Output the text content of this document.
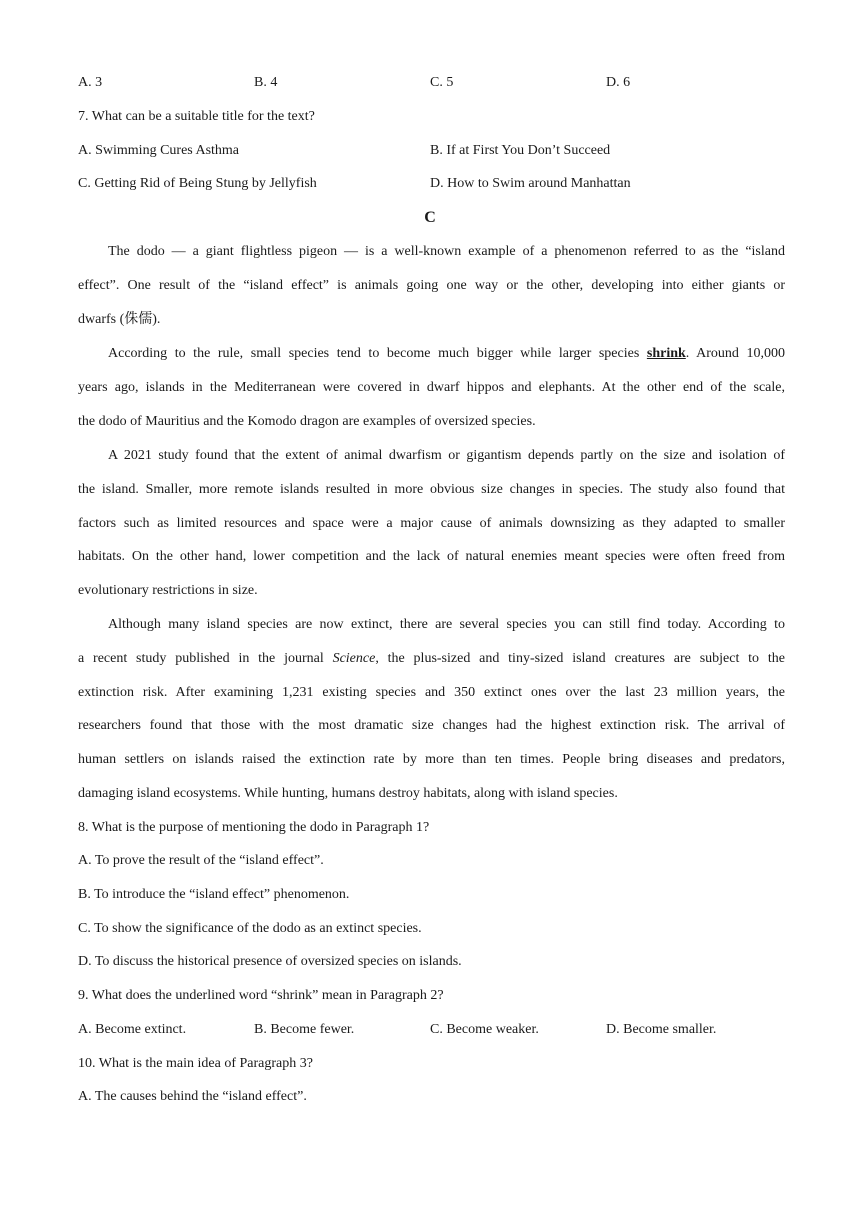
A. 3	B. 4	C. 5	D. 6
7. What can be a suitable title for the text?
A. Swimming Cures Asthma	B. If at First You Don’t Succeed
C. Getting Rid of Being Stung by Jellyfish	D. How to Swim around Manhattan
C
The dodo — a giant flightless pigeon — is a well-known example of a phenomenon referred to as the “island
effect”. One result of the “island effect” is animals going one way or the other, developing into either giants or
dwarfs (侏儒).
According to the rule, small species tend to become much bigger while larger species shrink. Around 10,000
years ago, islands in the Mediterranean were covered in dwarf hippos and elephants. At the other end of the scale,
the dodo of Mauritius and the Komodo dragon are examples of oversized species.
A 2021 study found that the extent of animal dwarfism or gigantism depends partly on the size and isolation of
the island. Smaller, more remote islands resulted in more obvious size changes in species. The study also found that
factors such as limited resources and space were a major cause of animals downsizing as they adapted to smaller
habitats. On the other hand, lower competition and the lack of natural enemies meant species were often freed from
evolutionary restrictions in size.
Although many island species are now extinct, there are several species you can still find today. According to
a recent study published in the journal Science, the plus-sized and tiny-sized island creatures are subject to the
extinction risk. After examining 1,231 existing species and 350 extinct ones over the last 23 million years, the
researchers found that those with the most dramatic size changes had the highest extinction risk. The arrival of
human settlers on islands raised the extinction rate by more than ten times. People bring diseases and predators,
damaging island ecosystems. While hunting, humans destroy habitats, along with island species.
8. What is the purpose of mentioning the dodo in Paragraph 1?
A. To prove the result of the “island effect”.
B. To introduce the “island effect” phenomenon.
C. To show the significance of the dodo as an extinct species.
D. To discuss the historical presence of oversized species on islands.
9. What does the underlined word “shrink” mean in Paragraph 2?
A. Become extinct.	B. Become fewer.	C. Become weaker.	D. Become smaller.
10. What is the main idea of Paragraph 3?
A. The causes behind the “island effect”.
